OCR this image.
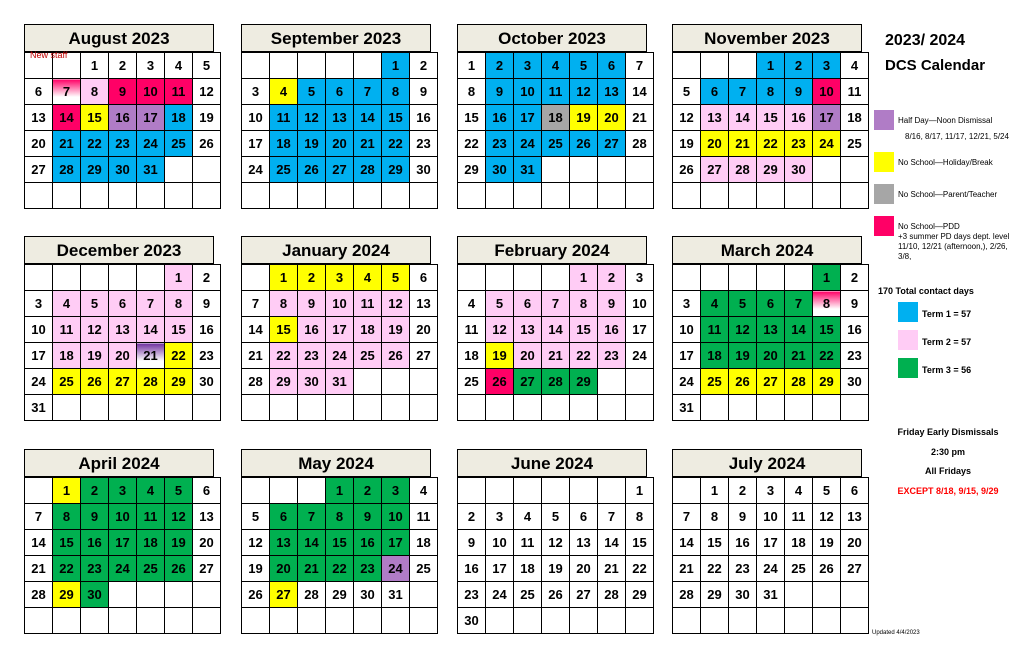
August 2023
		1	2	3	4	5
6	7	8	9	10	11	12
13	14	15	16	17	18	19
20	21	22	23	24	25	26
27	28	29	30	31		

September 2023
					1	2
3	4	5	6	7	8	9
10	11	12	13	14	15	16
17	18	19	20	21	22	23
24	25	26	27	28	29	30

October 2023
1	2	3	4	5	6	7
8	9	10	11	12	13	14
15	16	17	18	19	20	21
22	23	24	25	26	27	28
29	30	31				

November 2023
			1	2	3	4
5	6	7	8	9	10	11
12	13	14	15	16	17	18
19	20	21	22	23	24	25
26	27	28	29	30		

December 2023
					1	2
3	4	5	6	7	8	9
10	11	12	13	14	15	16
17	18	19	20	21	22	23
24	25	26	27	28	29	30
31						
January 2024
	1	2	3	4	5	6
7	8	9	10	11	12	13
14	15	16	17	18	19	20
21	22	23	24	25	26	27
28	29	30	31			

February 2024
				1	2	3
4	5	6	7	8	9	10
11	12	13	14	15	16	17
18	19	20	21	22	23	24
25	26	27	28	29		

March 2024
					1	2
3	4	5	6	7	8	9
10	11	12	13	14	15	16
17	18	19	20	21	22	23
24	25	26	27	28	29	30
31						
April 2024
	1	2	3	4	5	6
7	8	9	10	11	12	13
14	15	16	17	18	19	20
21	22	23	24	25	26	27
28	29	30				

May 2024
			1	2	3	4
5	6	7	8	9	10	11
12	13	14	15	16	17	18
19	20	21	22	23	24	25
26	27	28	29	30	31	

June 2024
						1
2	3	4	5	6	7	8
9	10	11	12	13	14	15
16	17	18	19	20	21	22
23	24	25	26	27	28	29
30						
July 2024
	1	2	3	4	5	6
7	8	9	10	11	12	13
14	15	16	17	18	19	20
21	22	23	24	25	26	27
28	29	30	31			

New staff
2023/ 2024
DCS Calendar
Half Day—Noon Dismissal
8/16, 8/17, 11/17, 12/21, 5/24
No School—Holiday/Break
No School—Parent/Teacher
No School—PDD
+3 summer PD days dept. level
11/10, 12/21 (afternoon,), 2/26, 3/8,
170 Total contact days
Term 1 = 57
Term 2 = 57
Term 3 = 56
Friday Early Dismissals
2:30 pm
All Fridays
EXCEPT 8/18, 9/15, 9/29
Updated 4/4/2023
